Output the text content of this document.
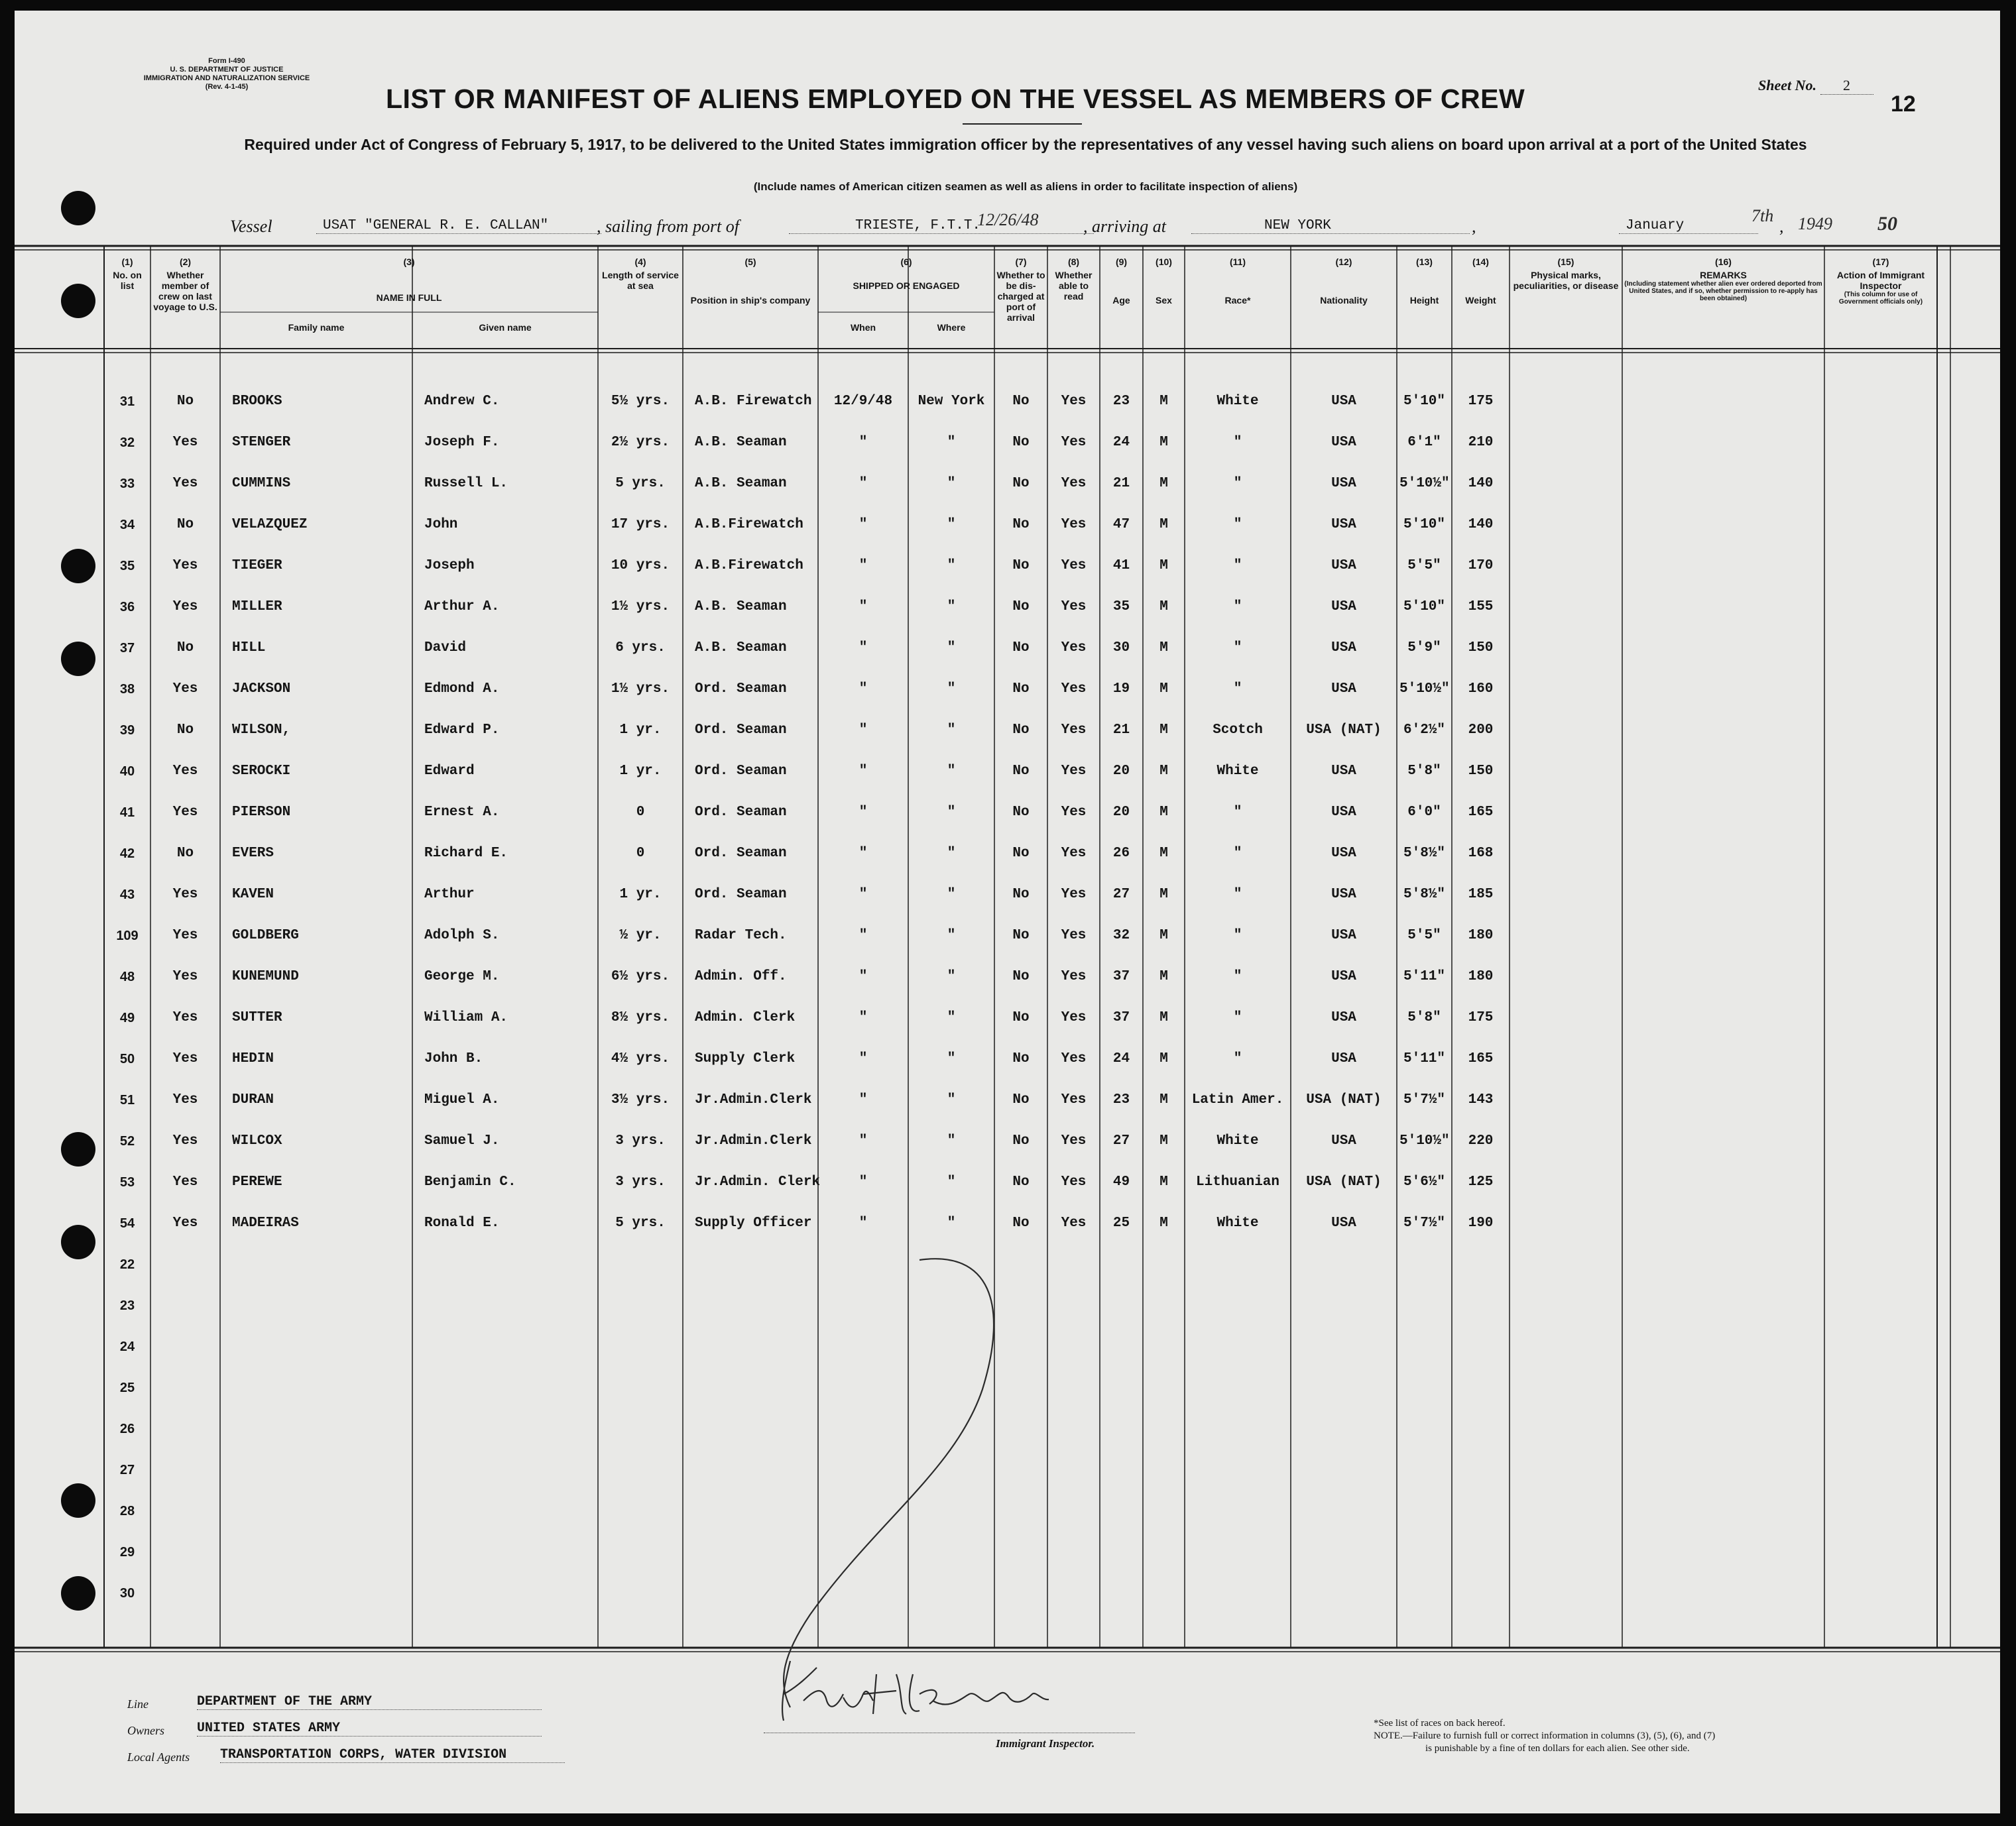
Form I-490
U. S. DEPARTMENT OF JUSTICE
IMMIGRATION AND NATURALIZATION SERVICE
(Rev. 4-1-45)	LIST OR MANIFEST OF ALIENS EMPLOYED ON THE VESSEL AS MEMBERS OF CREW	Sheet No. 2
12
Required under Act of Congress of February 5, 1917, to be delivered to the United States immigration officer by the representatives of any vessel having such aliens on board upon arrival at a port of the United States
(Include names of American citizen seamen as well as aliens in order to facilitate inspection of aliens)
Vessel	USAT "GENERAL R. E. CALLAN"	, sailing from port of	TRIESTE, F.T.T.
12/26/48	, arriving at	NEW YORK	,	January
7th
, 1949 50
(1)
No. on list
(2)
Whether member of crew on last voyage to U.S.
(3)
NAME IN FULL
(4)
Length of service at sea
(5)
Position in ship's company
(6)
SHIPPED OR ENGAGED
(7)
Whether to be dis- charged at port of arrival
(8)
Whether able to read
(9)
Age
(10)
Sex
(11)
Race*
(12)
Nationality
(13)
Height
(14)
Weight
(15)
Physical marks, peculiarities, or disease
(16)
REMARKS
(Including statement whether alien ever ordered deported from United States, and if so, whether permission to re-apply has been obtained)
(17)
Action of Immigrant Inspector
(This column for use of Government officials only)
Family name	Given name	When	Where
31	No	BROOKS	Andrew C.	5½ yrs.	A.B. Firewatch	12/9/48	New York	No	Yes	23	M	White	USA	5'10"	175
32	Yes	STENGER	Joseph F.	2½ yrs.	A.B. Seaman	"	"	No	Yes	24	M	"	USA	6'1"	210
33	Yes	CUMMINS	Russell L.	5 yrs.	A.B. Seaman	"	"	No	Yes	21	M	"	USA	5'10½"	140
34	No	VELAZQUEZ	John	17 yrs.	A.B.Firewatch	"	"	No	Yes	47	M	"	USA	5'10"	140
35	Yes	TIEGER	Joseph	10 yrs.	A.B.Firewatch	"	"	No	Yes	41	M	"	USA	5'5"	170
36	Yes	MILLER	Arthur A.	1½ yrs.	A.B. Seaman	"	"	No	Yes	35	M	"	USA	5'10"	155
37	No	HILL	David	6 yrs.	A.B. Seaman	"	"	No	Yes	30	M	"	USA	5'9"	150
38	Yes	JACKSON	Edmond A.	1½ yrs.	Ord. Seaman	"	"	No	Yes	19	M	"	USA	5'10½"	160
39	No	WILSON,	Edward P.	1 yr.	Ord. Seaman	"	"	No	Yes	21	M	Scotch	USA (NAT)	6'2½"	200
40	Yes	SEROCKI	Edward	1 yr.	Ord. Seaman	"	"	No	Yes	20	M	White	USA	5'8"	150
41	Yes	PIERSON	Ernest A.	0	Ord. Seaman	"	"	No	Yes	20	M	"	USA	6'0"	165
42	No	EVERS	Richard E.	0	Ord. Seaman	"	"	No	Yes	26	M	"	USA	5'8½"	168
43	Yes	KAVEN	Arthur	1 yr.	Ord. Seaman	"	"	No	Yes	27	M	"	USA	5'8½"	185
109	Yes	GOLDBERG	Adolph S.	½ yr.	Radar Tech.	"	"	No	Yes	32	M	"	USA	5'5"	180
48	Yes	KUNEMUND	George M.	6½ yrs.	Admin. Off.	"	"	No	Yes	37	M	"	USA	5'11"	180
49	Yes	SUTTER	William A.	8½ yrs.	Admin. Clerk	"	"	No	Yes	37	M	"	USA	5'8"	175
50	Yes	HEDIN	John B.	4½ yrs.	Supply Clerk	"	"	No	Yes	24	M	"	USA	5'11"	165
51	Yes	DURAN	Miguel A.	3½ yrs.	Jr.Admin.Clerk	"	"	No	Yes	23	M	Latin Amer.	USA (NAT)	5'7½"	143
52	Yes	WILCOX	Samuel J.	3 yrs.	Jr.Admin.Clerk	"	"	No	Yes	27	M	White	USA	5'10½"	220
53	Yes	PEREWE	Benjamin C.	3 yrs.	Jr.Admin. Clerk	"	"	No	Yes	49	M	Lithuanian	USA (NAT)	5'6½"	125
54	Yes	MADEIRAS	Ronald E.	5 yrs.	Supply Officer	"	"	No	Yes	25	M	White	USA	5'7½"	190
22
23
24
25
26
27
28
29
30
Immigrant Inspector.
Line	DEPARTMENT OF THE ARMY
Owners UNITED STATES ARMY
Local Agents TRANSPORTATION CORPS, WATER DIVISION
*See list of races on back hereof.
NOTE.—Failure to furnish full or correct information in columns (3), (5), (6), and (7)
is punishable by a fine of ten dollars for each alien. See other side.
